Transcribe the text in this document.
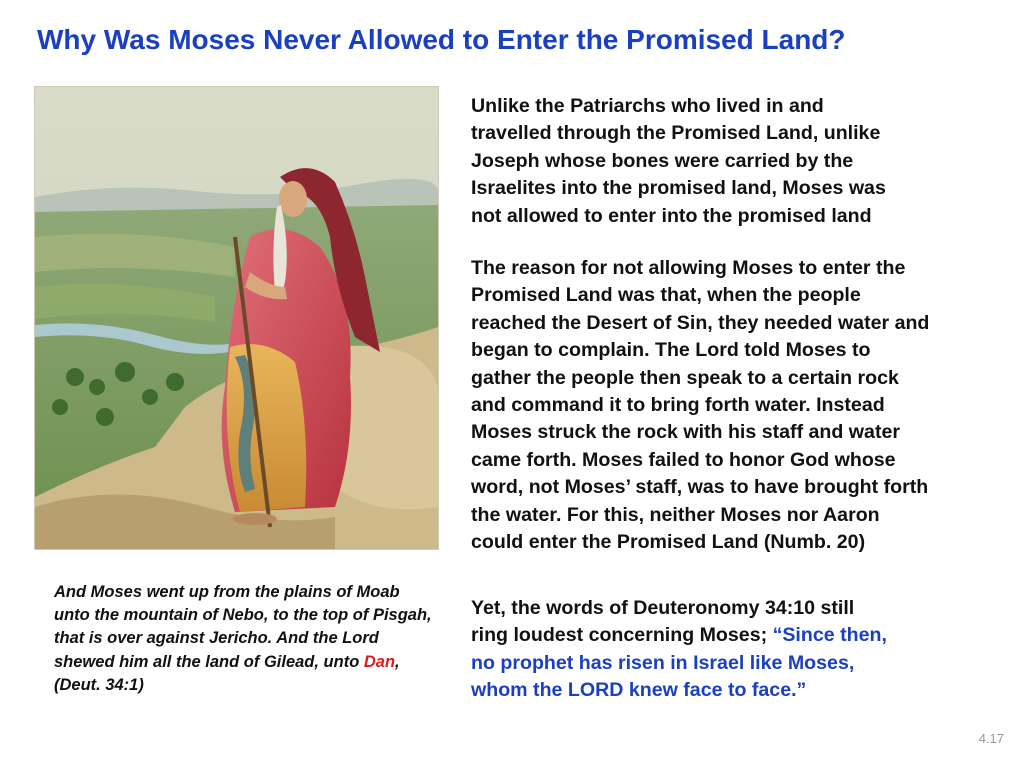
Why Was Moses Never Allowed to Enter the Promised Land?

Unlike the Patriarchs who lived in and
travelled through the Promised Land, unlike
Joseph whose bones were carried by the
Israelites into the promised land, Moses was
not allowed to enter into the promised land

The reason for not allowing Moses to enter the
Promised Land was that, when the people
reached the Desert of Sin, they needed water and
began to complain. The Lord told Moses to
gather the people then speak to a certain rock
and command it to bring forth water. Instead
Moses struck the rock with his staff and water
came forth. Moses failed to honor God whose
word, not Moses’ staff, was to have brought forth
the water. For this, neither Moses nor Aaron
could enter the Promised Land (Numb. 20)

Yet, the words of Deuteronomy 34:10 still
ring loudest concerning Moses; “Since then,
no prophet has risen in Israel like Moses,
whom the LORD knew face to face.”

And Moses went up from the plains of Moab unto the mountain of Nebo, to the top of Pisgah, that is over against Jericho. And the Lord shewed him all the land of Gilead, unto Dan, (Deut. 34:1)

4.17
